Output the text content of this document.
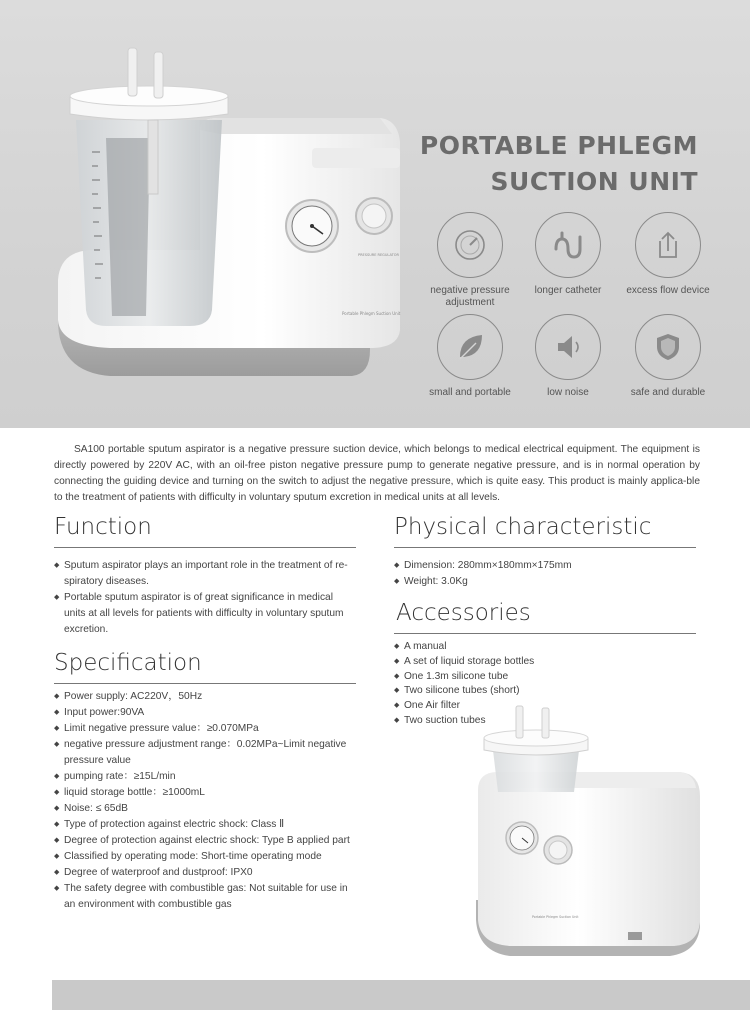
PRESSURE REGULATOR
Portable Phlegm Suction Unit
PORTABLE PHLEGM
SUCTION UNIT
negative pressure adjustment
longer catheter	excess flow device
small and portable	low noise	safe and durable

SA100 portable sputum aspirator is a negative pressure suction device, which belongs to medical electrical equipment. The equipment is directly powered by 220V AC, with an oil-free piston negative pressure pump to generate negative pressure, and is in normal operation by connecting the guiding device and turning on the switch to adjust the negative pressure, which is quite easy. This product is mainly applica-ble to the treatment of patients with difficulty in voluntary sputum excretion in medical units at all levels.

Function
◆ Sputum aspirator plays an important role in the treatment of re-spiratory diseases.
◆ Portable sputum aspirator is of great significance in medical units at all levels for patients with difficulty in voluntary sputum excretion.
Specification
◆ Power supply: AC220V，50Hz
◆ Input power:90VA
◆ Limit negative pressure value：≥0.070MPa
◆ negative pressure adjustment range：0.02MPa~Limit negative pressure value
◆ pumping rate：≥15L/min
◆ liquid storage bottle：≥1000mL
◆ Noise: ≤ 65dB
◆ Type of protection against electric shock: Class Ⅱ
◆ Degree of protection against electric shock: Type B applied part
◆ Classified by operating mode: Short-time operating mode
◆ Degree of waterproof and dustproof: IPX0
◆ The safety degree with combustible gas: Not suitable for use in an environment with combustible gas
Physical characteristic
◆ Dimension: 280mm×180mm×175mm
◆ Weight: 3.0Kg
Accessories
◆ A manual
◆ A set of liquid storage bottles
◆ One 1.3m silicone tube
◆ Two silicone tubes (short)
◆ One Air filter
◆ Two suction tubes
Portable Phlegm Suction Unit
